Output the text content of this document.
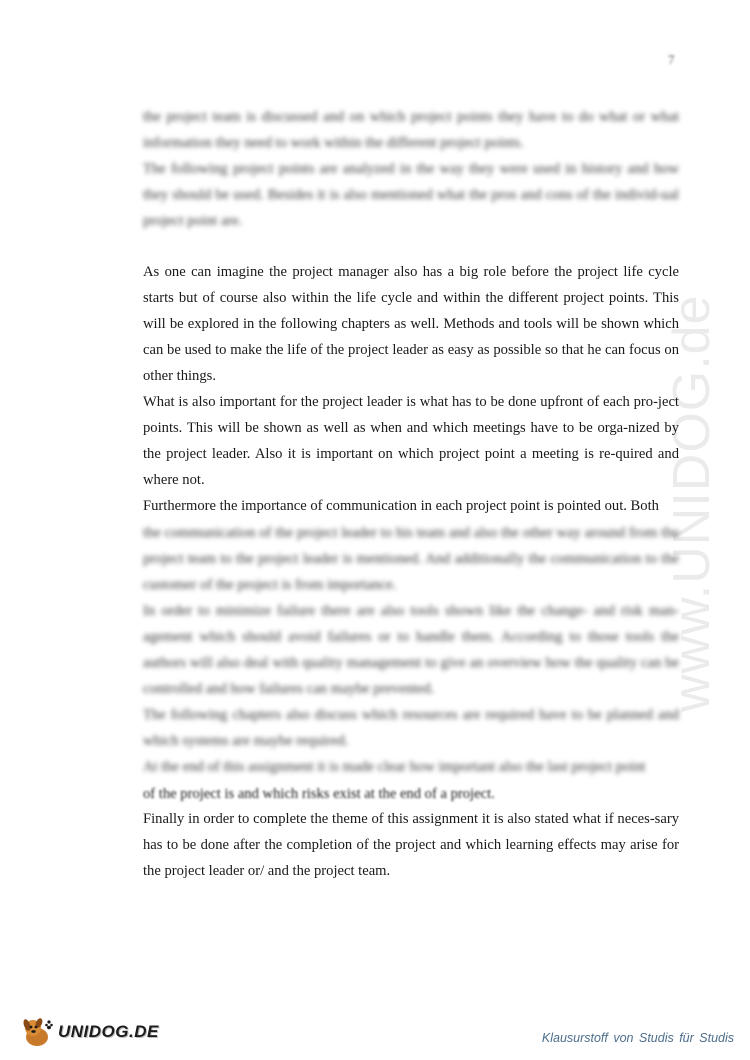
7
www.UNIDOG.de

the project team is discussed and on which project points they have to do what or what information they need to work within the different project points.

The following project points are analyzed in the way they were used in history and how they should be used. Besides it is also mentioned what the pros and cons of the individ-ual project point are.

As one can imagine the project manager also has a big role before the project life cycle starts but of course also within the life cycle and within the different project points. This will be explored in the following chapters as well. Methods and tools will be shown which can be used to make the life of the project leader as easy as possible so that he can focus on other things.

What is also important for the project leader is what has to be done upfront of each pro-ject points. This will be shown as well as when and which meetings have to be orga-nized by the project leader. Also it is important on which project point a meeting is re-quired and where not.

Furthermore the importance of communication in each project point is pointed out. Both

the communication of the project leader to his team and also the other way around from the project team to the project leader is mentioned. And additionally the communication to the customer of the project is from importance.

In order to minimize failure there are also tools shown like the change- and risk man-agement which should avoid failures or to handle them. According to those tools the authors will also deal with quality management to give an overview how the quality can be controlled and how failures can maybe prevented.

The following chapters also discuss which resources are required have to be planned and which systems are maybe required.

At the end of this assignment it is made clear how important also the last project point

of the project is and which risks exist at the end of a project.

Finally in order to complete the theme of this assignment it is also stated what if neces-sary has to be done after the completion of the project and which learning effects may arise for the project leader or/ and the project team.

UNIDOG.DE	Klausurstoff von Studis für Studis
